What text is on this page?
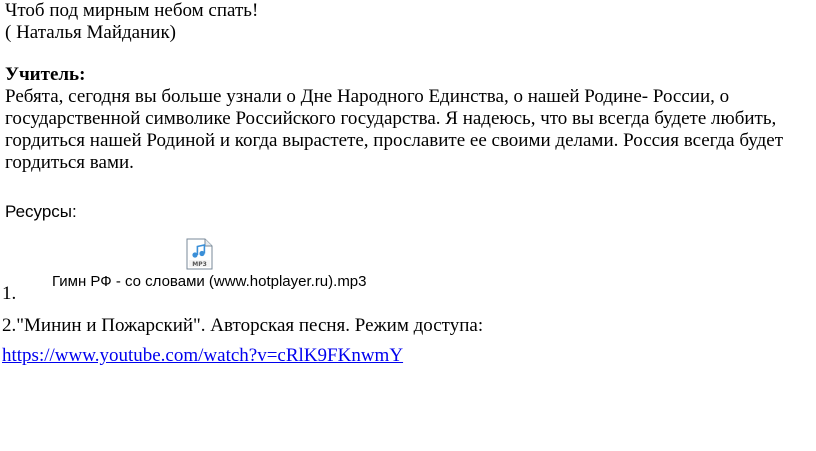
Чтоб под мирным небом спать!
( Наталья Майданик)
Учитель:
Ребята, сегодня вы больше узнали о Дне Народного Единства, о нашей Родине- России, о
государственной символике Российского государства. Я надеюсь, что вы всегда будете любить,
гордиться нашей Родиной и когда вырастете, прославите ее своими делами. Россия всегда будет
гордиться вами.
Ресурсы:
MP3
Гимн РФ - со словами (www.hotplayer.ru).mp3
1.
2."Минин и Пожарский". Авторская песня. Режим доступа:
https://www.youtube.com/watch?v=cRlK9FKnwmY
